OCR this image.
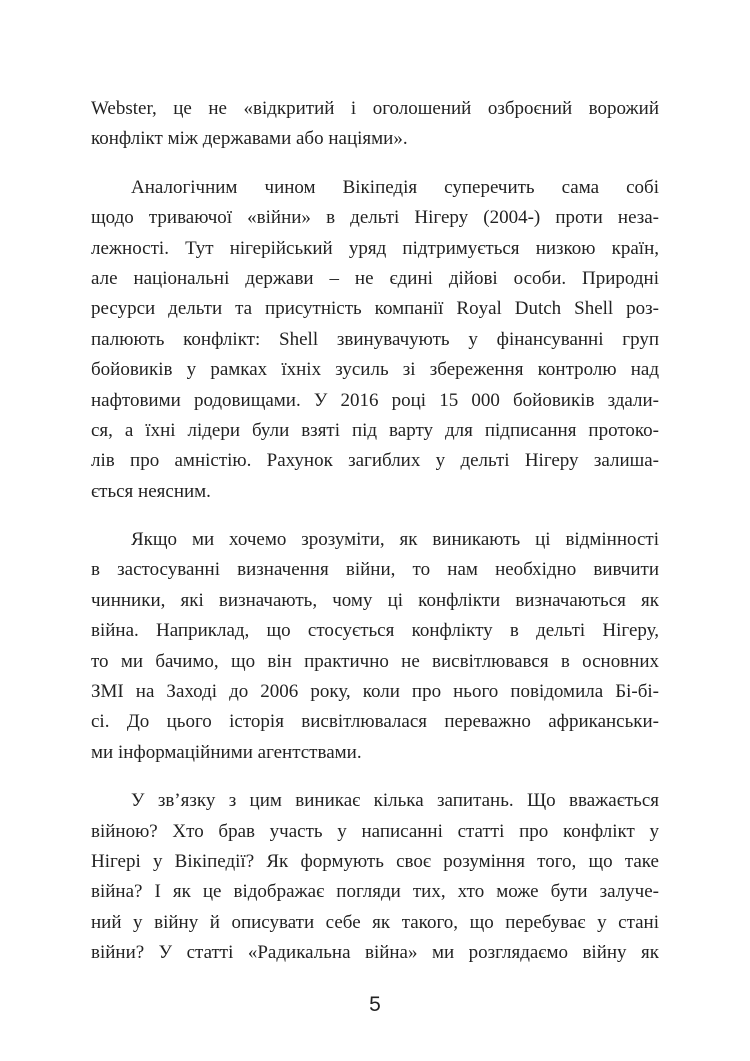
Webster, це не «відкритий і оголошений озброєний ворожий
конфлікт між державами або націями».
Аналогічним чином Вікіпедія суперечить сама собі
щодо триваючої «війни» в дельті Нігеру (2004-) проти неза-
лежності. Тут нігерійський уряд підтримується низкою країн,
але національні держави – не єдині дійові особи. Природні
ресурси дельти та присутність компанії Royal Dutch Shell роз-
палюють конфлікт: Shell звинувачують у фінансуванні груп
бойовиків у рамках їхніх зусиль зі збереження контролю над
нафтовими родовищами. У 2016 році 15 000 бойовиків здали-
ся, а їхні лідери були взяті під варту для підписання протоко-
лів про амністію. Рахунок загиблих у дельті Нігеру залиша-
ється неясним.
Якщо ми хочемо зрозуміти, як виникають ці відмінності
в застосуванні визначення війни, то нам необхідно вивчити
чинники, які визначають, чому ці конфлікти визначаються як
війна. Наприклад, що стосується конфлікту в дельті Нігеру,
то ми бачимо, що він практично не висвітлювався в основних
ЗМІ на Заході до 2006 року, коли про нього повідомила Бі-бі-
сі. До цього історія висвітлювалася переважно африканськи-
ми інформаційними агентствами.
У зв’язку з цим виникає кілька запитань. Що вважається
війною? Хто брав участь у написанні статті про конфлікт у
Нігері у Вікіпедії? Як формують своє розуміння того, що таке
війна? І як це відображає погляди тих, хто може бути залуче-
ний у війну й описувати себе як такого, що перебуває у стані
війни? У статті «Радикальна війна» ми розглядаємо війну як
5
